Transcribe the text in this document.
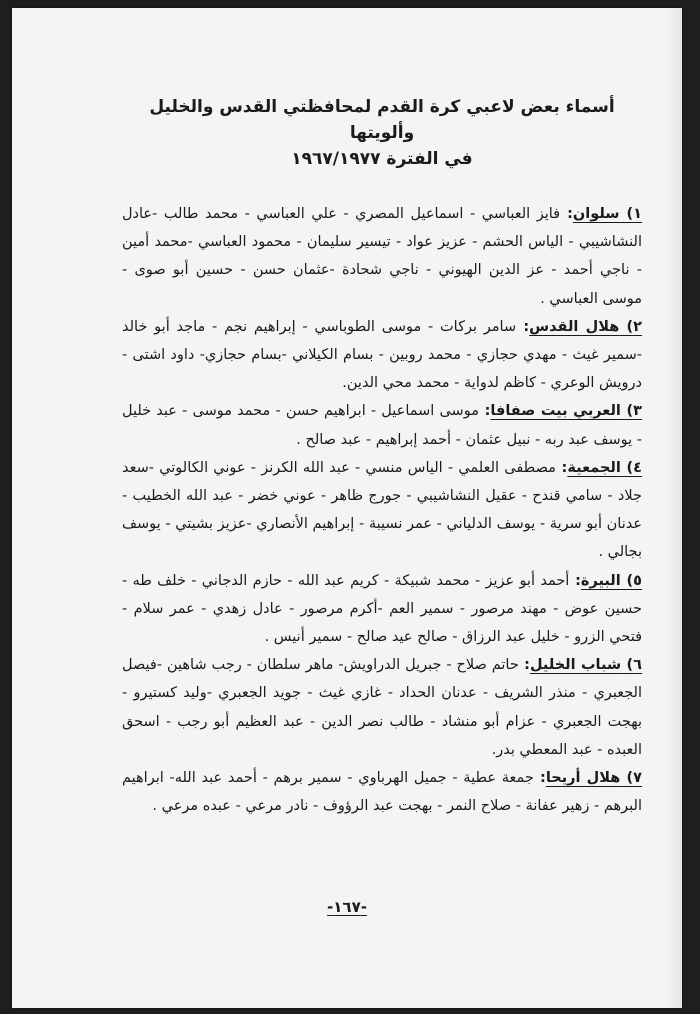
أسماء بعض لاعبي كرة القدم لمحافظتي القدس والخليل وألويتها
في الفترة ١٩٦٧/١٩٧٧
١) سلوان: فايز العباسي - اسماعيل المصري - علي العباسي - محمد طالب -عادل النشاشيبي - الياس الحشم - عزيز عواد - تيسير سليمان - محمود العباسي -محمد أمين - ناجي أحمد - عز الدين الهيوني - ناجي شحادة -عثمان حسن - حسين أبو صوى - موسى العباسي .
٢) هلال القدس: سامر بركات - موسى الطوباسي - إبراهيم نجم - ماجد أبو خالد -سمير غيث - مهدي حجازي - محمد روبين - بسام الكيلاني -بسام حجازي- داود اشتى - درويش الوعري - كاظم لدواية - محمد محي الدين.
٣) العربي بيت صفافا: موسى اسماعيل - ابراهيم حسن - محمد موسى - عبد خليل - يوسف عبد ربه - نبيل عثمان - أحمد إبراهيم - عبد صالح .
٤) الجمعية: مصطفى العلمي - الياس منسي - عبد الله الكرنز - عوني الكالوتي -سعد جلاد - سامي قندح - عقيل النشاشيبي - جورج ظاهر - عوني خضر - عبد الله الخطيب - عدنان أبو سرية - يوسف الدلياني - عمر نسيبة - إبراهيم الأنصاري -عزيز بشيتي - يوسف بجالي .
٥) البيرة: أحمد أبو عزيز - محمد شبيكة - كريم عبد الله - حازم الدجاني - خلف طه - حسين عوض - مهند مرصور - سمير العم -أكرم مرصور - عادل زهدي - عمر سلام - فتحي الزرو - خليل عبد الرزاق - صالح عيد صالح - سمير أنيس .
٦) شباب الخليل: حاتم صلاح - جبريل الدراويش- ماهر سلطان - رجب شاهين -فيصل الجعبري - منذر الشريف - عدنان الحداد - غازي غيث - جويد الجعبري -وليد كستيرو - بهجت الجعبري - عزام أبو منشاد - طالب نصر الدين - عبد العظيم أبو رجب - اسحق العبده - عبد المعطي بدر.
٧) هلال أريحا: جمعة عطية - جميل الهرباوي - سمير برهم - أحمد عبد الله- ابراهيم البرهم - زهير عفانة - صلاح النمر - بهجت عبد الرؤوف - نادر مرعي - عبده مرعي .
-١٦٧-
